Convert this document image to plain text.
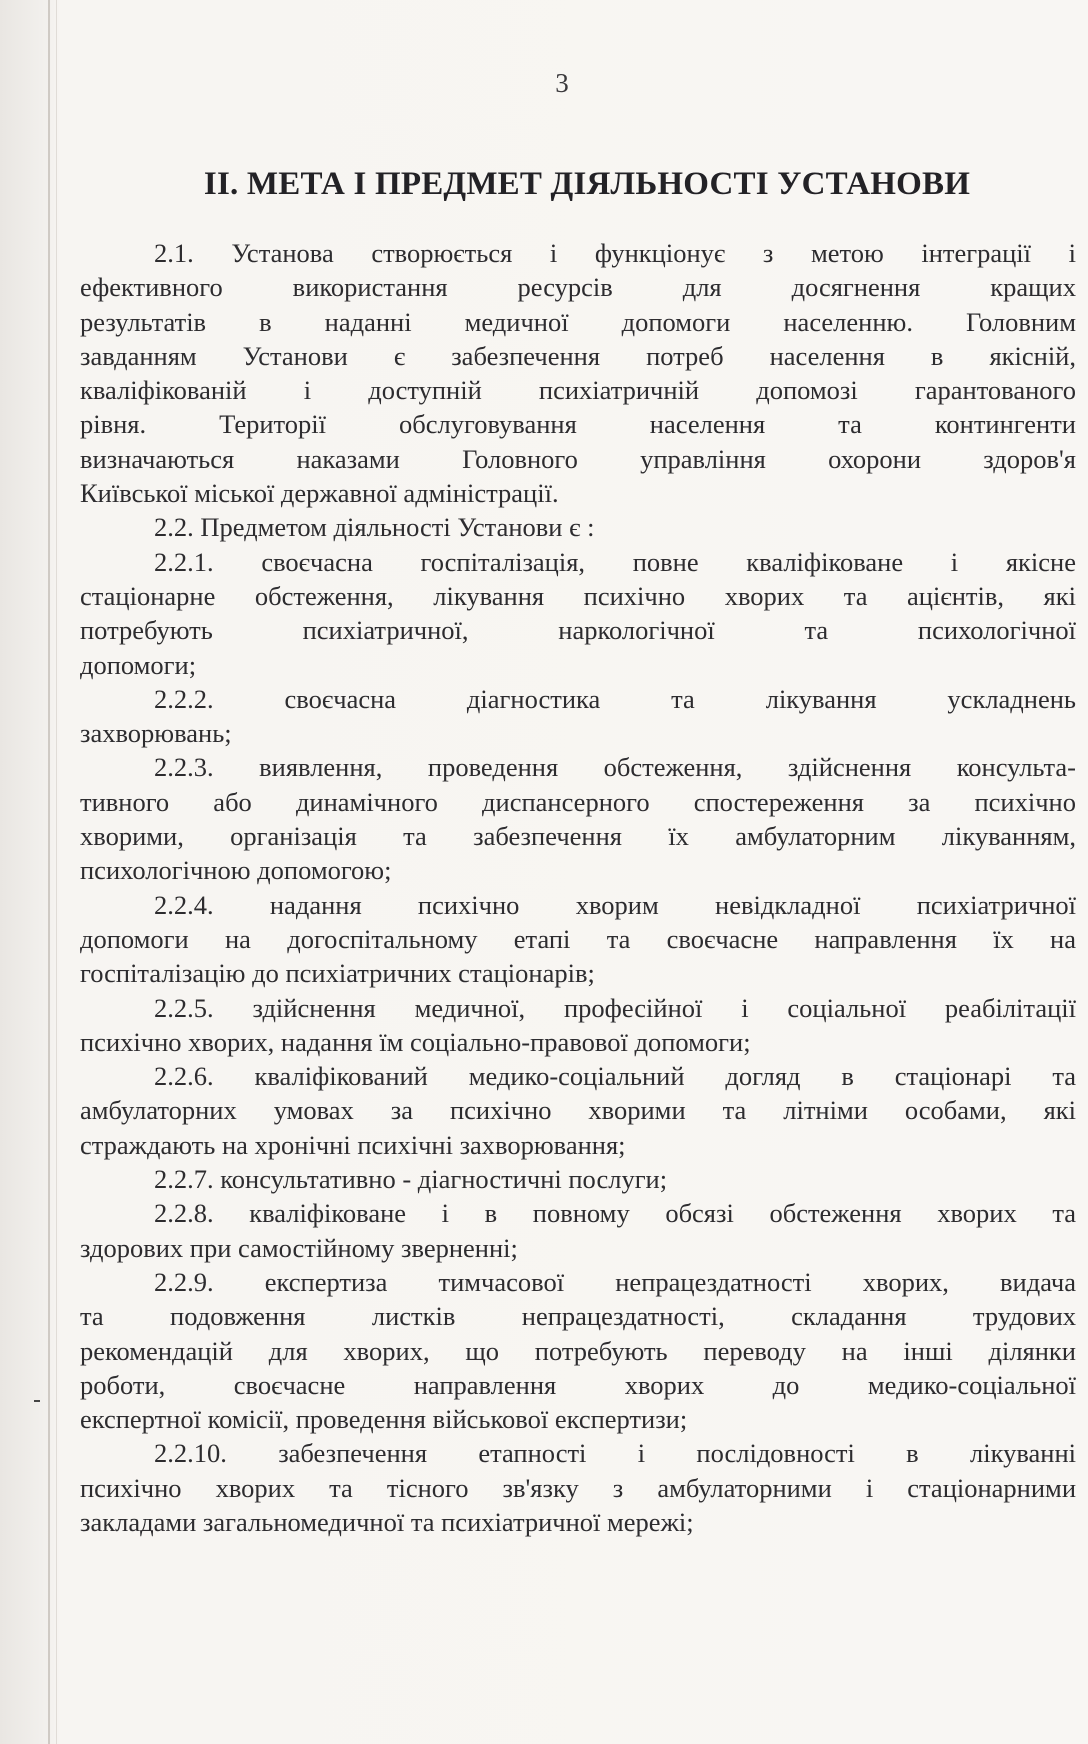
3
ІІ. МЕТА І ПРЕДМЕТ ДІЯЛЬНОСТІ УСТАНОВИ
2.1. Установа створюється і функціонує з метою інтеграції і
ефективного використання ресурсів для досягнення кращих
результатів в наданні медичної допомоги населенню. Головним
завданням Установи є забезпечення потреб населення в якісній,
кваліфікованій і доступній психіатричній допомозі гарантованого
рівня. Території обслуговування населення та контингенти
визначаються наказами Головного управління охорони здоров'я
Київської міської державної адміністрації.
2.2. Предметом діяльності Установи є :
2.2.1. своєчасна госпіталізація, повне кваліфіковане і якісне
стаціонарне обстеження, лікування психічно хворих та ацієнтів, які
потребують психіатричної, наркологічної та психологічної
допомоги;
2.2.2. своєчасна діагностика та лікування ускладнень
захворювань;
2.2.3. виявлення, проведення обстеження, здійснення консульта-
тивного або динамічного диспансерного спостереження за психічно
хворими, організація та забезпечення їх амбулаторним лікуванням,
психологічною допомогою;
2.2.4. надання психічно хворим невідкладної психіатричної
допомоги на догоспітальному етапі та своєчасне направлення їх на
госпіталізацію до психіатричних стаціонарів;
2.2.5. здійснення медичної, професійної і соціальної реабілітації
психічно хворих, надання їм соціально-правової допомоги;
2.2.6. кваліфікований медико-соціальний догляд в стаціонарі та
амбулаторних умовах за психічно хворими та літніми особами, які
страждають на хронічні психічні захворювання;
2.2.7. консультативно - діагностичні послуги;
2.2.8. кваліфіковане і в повному обсязі обстеження хворих та
здорових при самостійному зверненні;
2.2.9. експертиза тимчасової непрацездатності хворих, видача
та подовження листків непрацездатності, складання трудових
рекомендацій для хворих, що потребують переводу на інші ділянки
роботи, своєчасне направлення хворих до медико-соціальної
експертної комісії, проведення військової експертизи;
2.2.10. забезпечення етапності і послідовності в лікуванні
психічно хворих та тісного зв'язку з амбулаторними і стаціонарними
закладами загальномедичної та психіатричної мережі;
